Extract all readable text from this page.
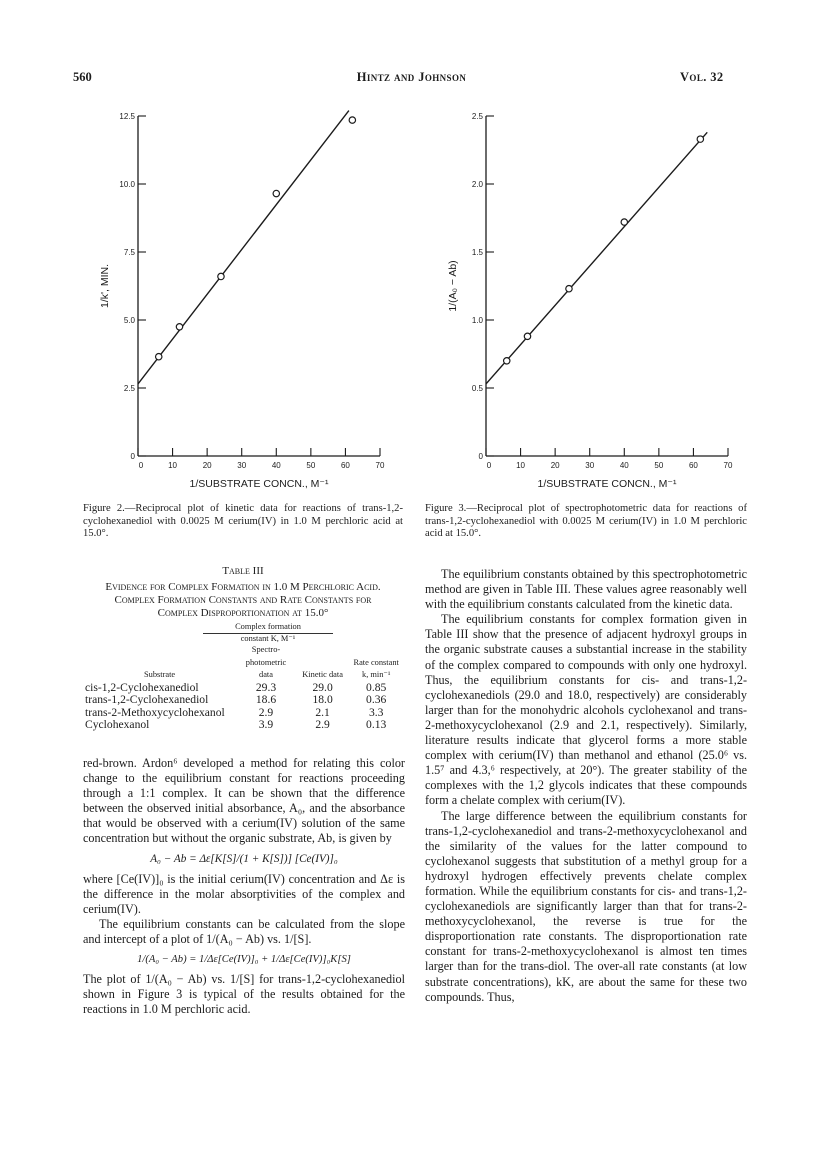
560	Hintz and Johnson	Vol. 32
0	10	20	30	40	50	60	70
0
2.5
5.0
7.5
10.0
12.5
1/SUBSTRATE CONCN., M⁻¹
1/k', MIN.
Figure 2.—Reciprocal plot of kinetic data for reactions of trans-1,2-cyclohexanediol with 0.0025 M cerium(IV) in 1.0 M perchloric acid at 15.0°.
0	10	20	30	40	50	60	70
0
0.5
1.0
1.5
2.0
2.5
1/SUBSTRATE CONCN., M⁻¹
1/(A₀ − Ab)
Figure 3.—Reciprocal plot of spectrophotometric data for reactions of trans-1,2-cyclohexanediol with 0.0025 M cerium(IV) in 1.0 M perchloric acid at 15.0°.
Table III
Evidence for Complex Formation in 1.0 M Perchloric Acid.
Complex Formation Constants and Rate Constants for
Complex Disproportionation at 15.0°
Complex formation
constant K, M⁻¹
Substrate	Spectro- photometric data	Kinetic data	Rate constant k, min⁻¹
cis-1,2-Cyclohexanediol	29.3	29.0	0.85
trans-1,2-Cyclohexanediol	18.6	18.0	0.36
trans-2-Methoxycyclohexanol	2.9	2.1	3.3
Cyclohexanol	3.9	2.9	0.13

red-brown. Ardon⁶ developed a method for relating this color change to the equilibrium constant for reactions proceeding through a 1:1 complex. It can be shown that the difference between the observed initial absorbance, A₀, and the absorbance that would be observed with a cerium(IV) solution of the same concentration but without the organic substrate, Ab, is given by

A₀ − Ab = Δε[K[S]/(1 + K[S])] [Ce(IV)]₀

where [Ce(IV)]₀ is the initial cerium(IV) concentration and Δε is the difference in the molar absorptivities of the complex and cerium(IV).

The equilibrium constants can be calculated from the slope and intercept of a plot of 1/(A₀ − Ab) vs. 1/[S].

1/(A₀ − Ab) = 1/Δε[Ce(IV)]₀ + 1/Δε[Ce(IV)]₀K[S]

The plot of 1/(A₀ − Ab) vs. 1/[S] for trans-1,2-cyclohexanediol shown in Figure 3 is typical of the results obtained for the reactions in 1.0 M perchloric acid.

The equilibrium constants obtained by this spectrophotometric method are given in Table III. These values agree reasonably well with the equilibrium constants calculated from the kinetic data.

The equilibrium constants for complex formation given in Table III show that the presence of adjacent hydroxyl groups in the organic substrate causes a substantial increase in the stability of the complex compared to compounds with only one hydroxyl. Thus, the equilibrium constants for cis- and trans-1,2-cyclohexanediols (29.0 and 18.0, respectively) are considerably larger than for the monohydric alcohols cyclohexanol and trans-2-methoxycyclohexanol (2.9 and 2.1, respectively). Similarly, literature results indicate that glycerol forms a more stable complex with cerium(IV) than methanol and ethanol (25.0⁶ vs. 1.5⁷ and 4.3,⁶ respectively, at 20°). The greater stability of the complexes with the 1,2 glycols indicates that these compounds form a chelate complex with cerium(IV).

The large difference between the equilibrium constants for trans-1,2-cyclohexanediol and trans-2-methoxycyclohexanol and the similarity of the values for the latter compound to cyclohexanol suggests that substitution of a methyl group for a hydroxyl hydrogen effectively prevents chelate complex formation. While the equilibrium constants for cis- and trans-1,2-cyclohexanediols are significantly larger than that for trans-2-methoxycyclohexanol, the reverse is true for the disproportionation rate constants. The disproportionation rate constant for trans-2-methoxycyclohexanol is almost ten times larger than for the trans-diol. The over-all rate constants (at low substrate concentrations), kK, are about the same for these two compounds. Thus,
